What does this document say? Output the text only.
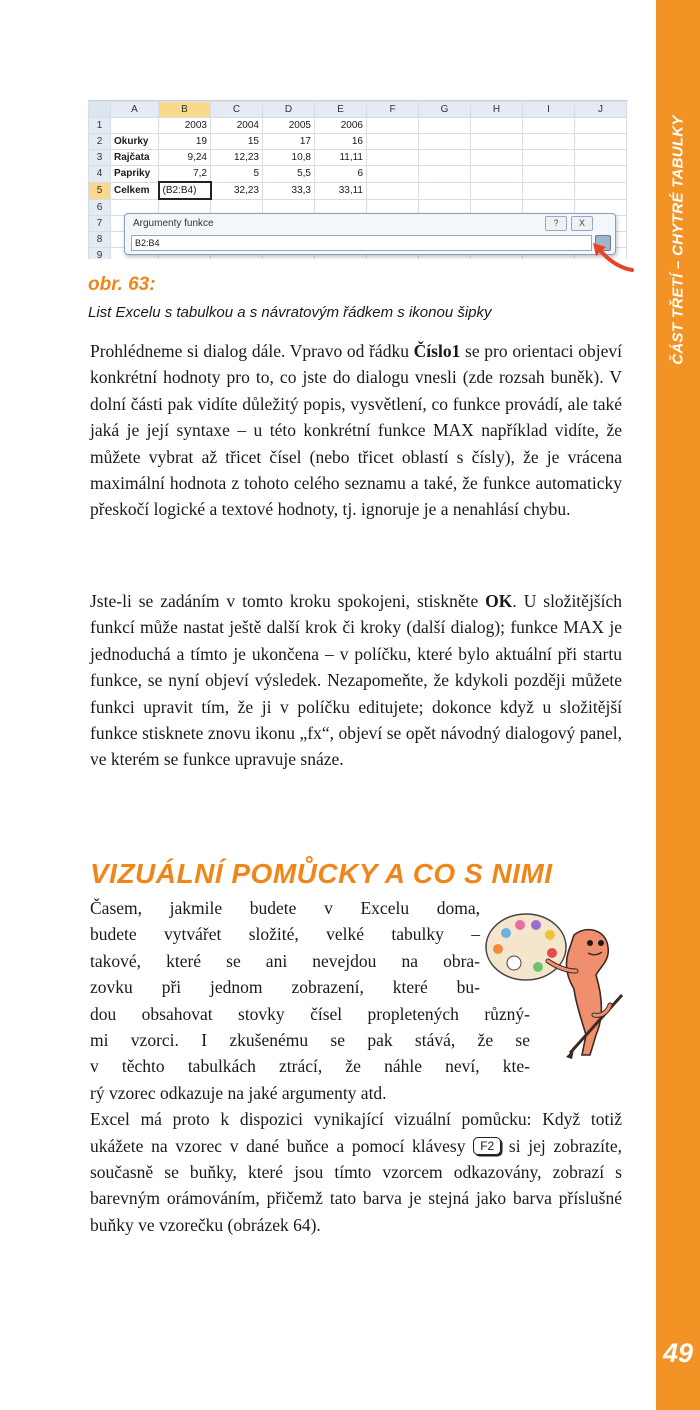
ČÁST TŘETÍ – CHYTRÉ TABULKY
49
	A	B	C	D	E	F	G	H	I	J
1		2003	2004	2005	2006					
2	Okurky	19	15	17	16					
3	Rajčata	9,24	12,23	10,8	11,11					
4	Papriky	7,2	5	5,5	6					
5	Celkem	(B2:B4)	32,23	33,3	33,11					
6										
7										
8										
9										
Argumenty funkce	?	X
B2:B4
obr. 63:
List Excelu s tabulkou a s návratovým řádkem s ikonou šipky

Prohlédneme si dialog dále. Vpravo od řádku Číslo1 se pro orientaci objeví konkrétní hodnoty pro to, co jste do dialogu vnesli (zde rozsah buněk). V dolní části pak vidíte důležitý popis, vysvětlení, co funkce provádí, ale také jaká je její syntaxe – u této konkrétní funkce MAX například vidíte, že můžete vybrat až třicet čísel (nebo třicet oblastí s čísly), že je vrácena maximální hodnota z tohoto celého seznamu a také, že funkce automaticky přeskočí logické a textové hodnoty, tj. ignoruje je a nenahlásí chybu.

Jste-li se zadáním v tomto kroku spokojeni, stiskněte OK. U složitějších funkcí může nastat ještě další krok či kroky (další dialog); funkce MAX je jednoduchá a tímto je ukončena – v políčku, které bylo aktuální při startu funkce, se nyní objeví výsledek. Nezapomeňte, že kdykoli později můžete funkci upravit tím, že ji v políčku editujete; dokonce když u složitější funkce stisknete znovu ikonu „fx“, objeví se opět návodný dialogový panel, ve kterém se funkce upravuje snáze.

VIZUÁLNÍ POMŮCKY A CO S NIMI
Časem, jakmile budete v Excelu doma,
budete vytvářet složité, velké tabulky –
takové, které se ani nevejdou na obra-
zovku při jednom zobrazení, které bu-
dou obsahovat stovky čísel propletených různý-
mi vzorci. I zkušenému se pak stává, že se
v těchto tabulkách ztrácí, že náhle neví, kte-
rý vzorec odkazuje na jaké argumenty atd.
Excel má proto k dispozici vynikající vizuální pomůcku: Když totiž ukážete na vzorec v dané buňce a pomocí klávesy F2 si jej zobrazíte, současně se buňky, které jsou tímto vzorcem odkazovány, zobrazí s barevným orámováním, přičemž tato barva je stejná jako barva příslušné buňky ve vzorečku (obrázek 64).
